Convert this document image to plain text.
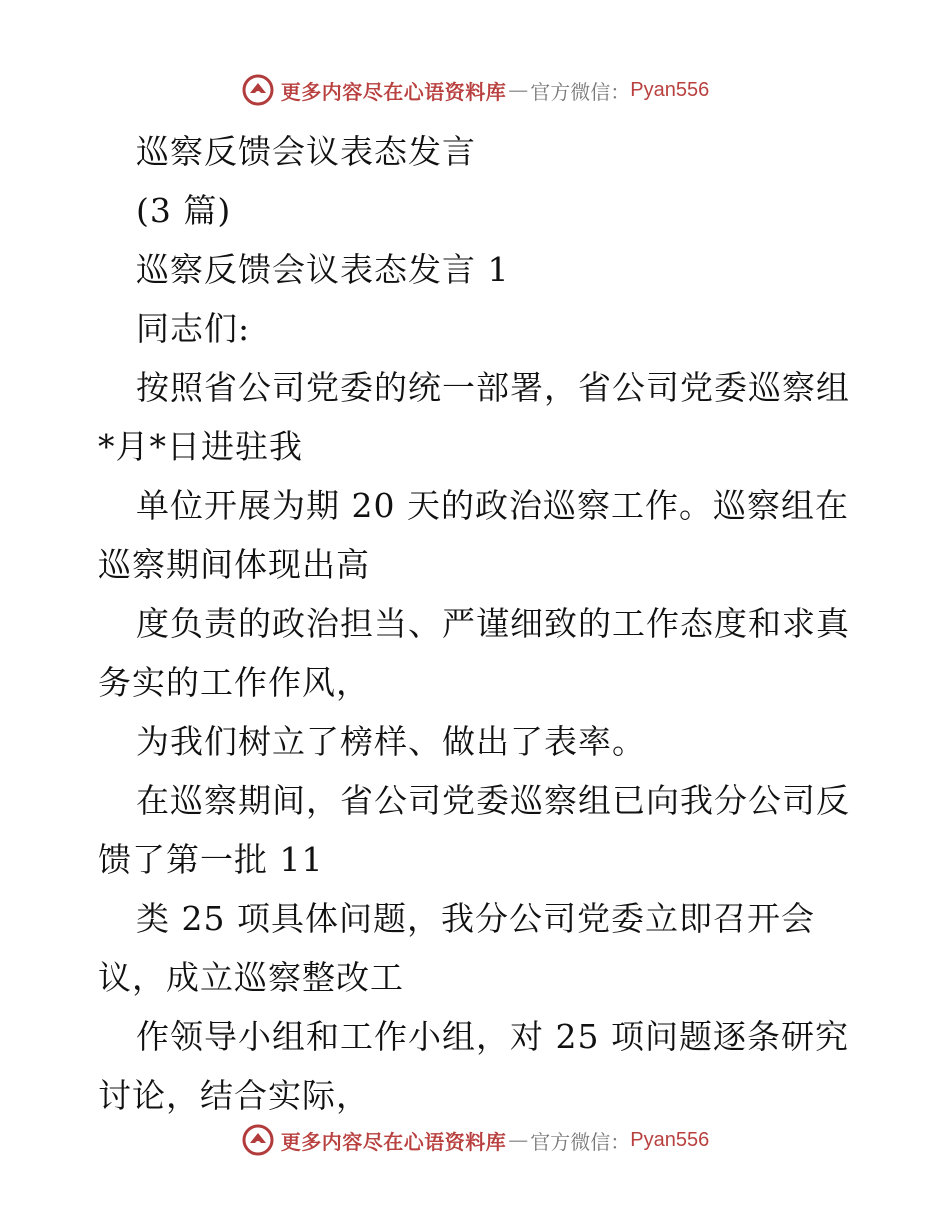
更多内容尽在心语资料库 — 官方微信： Pyan556
巡察反馈会议表态发言
(3 篇)
巡察反馈会议表态发言 1
同志们:
按照省公司党委的统一部署，省公司党委巡察组
*月*日进驻我
单位开展为期 20 天的政治巡察工作。巡察组在
巡察期间体现出高
度负责的政治担当、严谨细致的工作态度和求真
务实的工作作风，
为我们树立了榜样、做出了表率。
在巡察期间，省公司党委巡察组已向我分公司反
馈了第一批 11
类 25 项具体问题，我分公司党委立即召开会
议，成立巡察整改工
作领导小组和工作小组，对 25 项问题逐条研究
讨论，结合实际，
更多内容尽在心语资料库 — 官方微信： Pyan556
